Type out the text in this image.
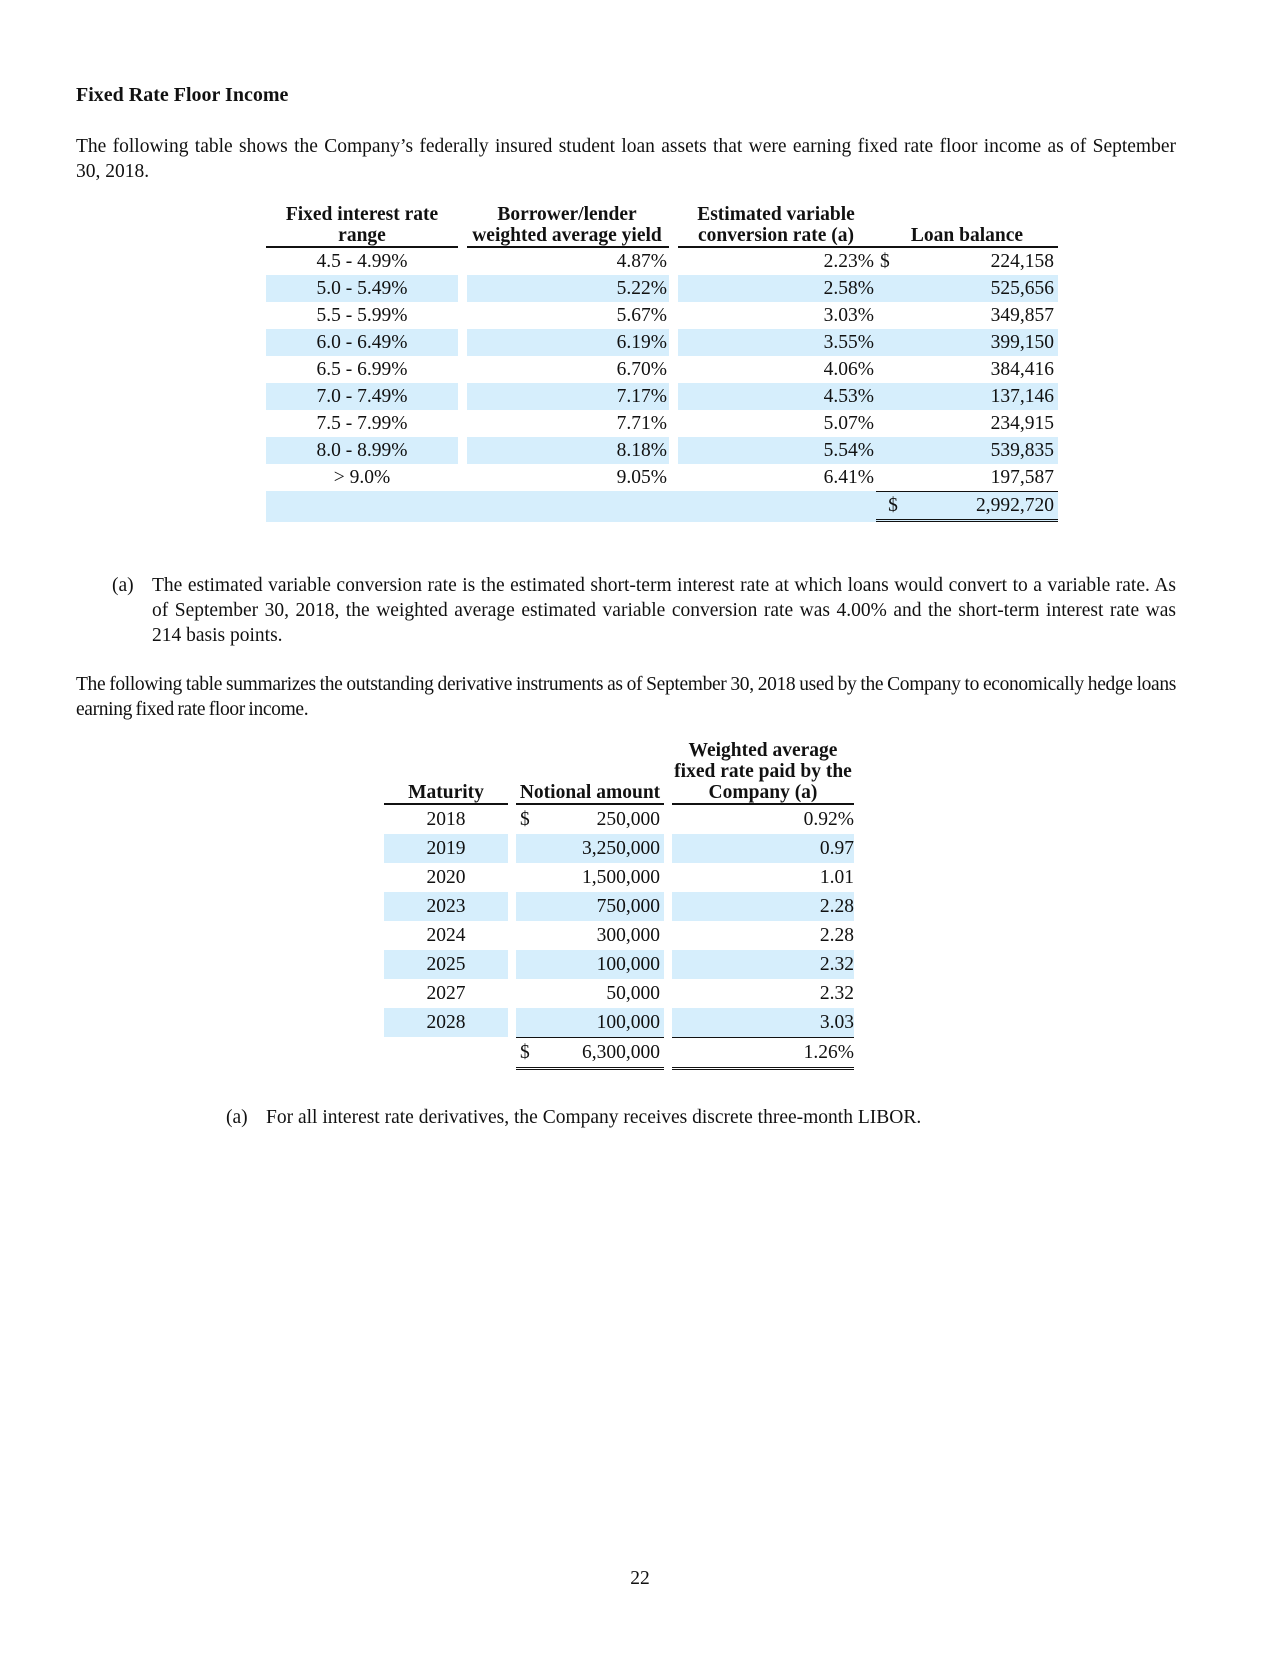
Fixed Rate Floor Income
The following table shows the Company’s federally insured student loan assets that were earning fixed rate floor income as of September 30, 2018.
Fixed interest rate range		Borrower/lender weighted average yield		Estimated variable conversion rate (a)	Loan balance	
4.5 - 4.99%		4.87%		2.23%	$	224,158
5.0 - 5.49%		5.22%		2.58%		525,656
5.5 - 5.99%		5.67%		3.03%		349,857
6.0 - 6.49%		6.19%		3.55%		399,150
6.5 - 6.99%		6.70%		4.06%		384,416
7.0 - 7.49%		7.17%		4.53%		137,146
7.5 - 7.99%		7.71%		5.07%		234,915
8.0 - 8.99%		8.18%		5.54%		539,835
> 9.0%		9.05%		6.41%		197,587
					$	2,992,720
(a) The estimated variable conversion rate is the estimated short-term interest rate at which loans would convert to a variable rate. As of September 30, 2018, the weighted average estimated variable conversion rate was 4.00% and the short-term interest rate was 214 basis points.
The following table summarizes the outstanding derivative instruments as of September 30, 2018 used by the Company to economically hedge loans earning fixed rate floor income.
Maturity		Notional amount			Weighted average fixed rate paid by the Company (a)
2018		$	250,000		0.92%
2019			3,250,000		0.97
2020			1,500,000		1.01
2023			750,000		2.28
2024			300,000		2.28
2025			100,000		2.32
2027			50,000		2.32
2028			100,000		3.03
		$	6,300,000		1.26%
(a) For all interest rate derivatives, the Company receives discrete three-month LIBOR.
22
